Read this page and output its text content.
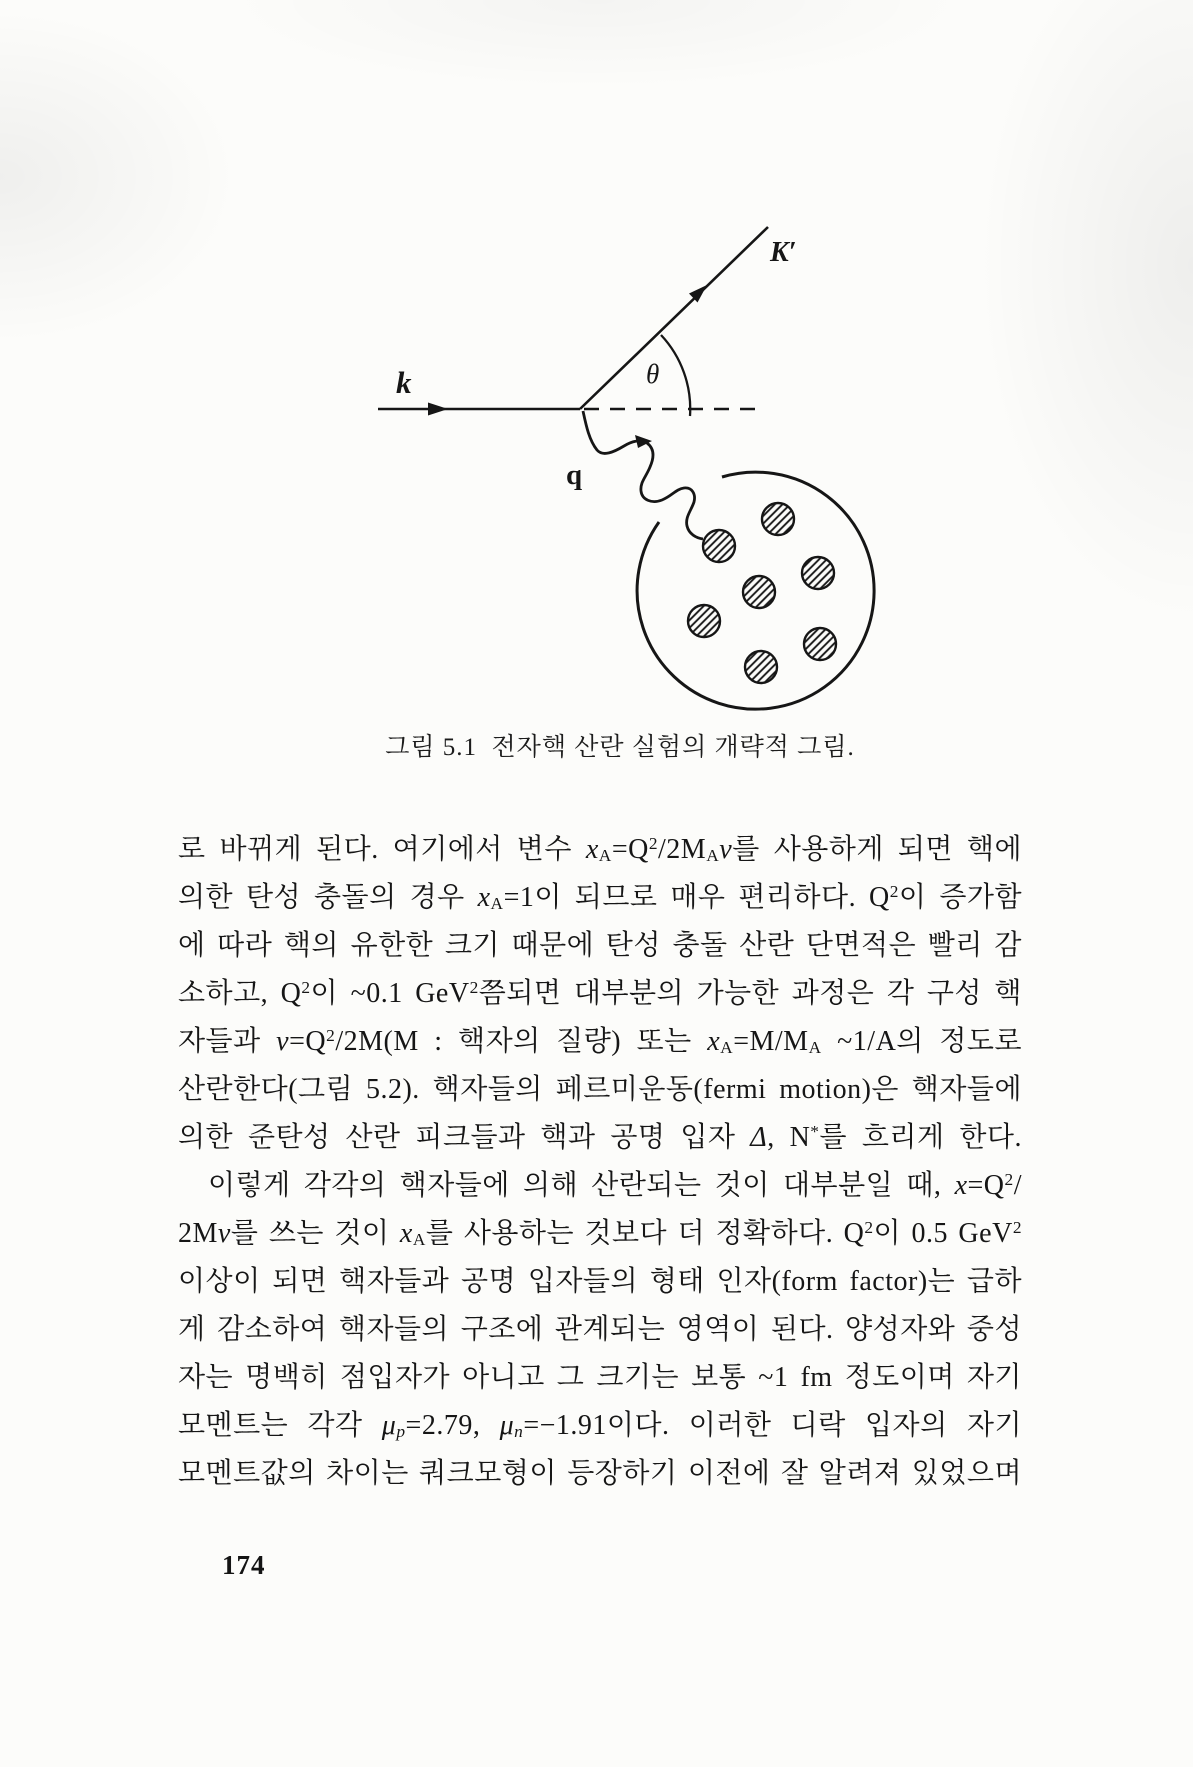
k
K′
θ
q
그림 5.1  전자핵 산란 실험의 개략적 그림.
로 바뀌게 된다. 여기에서 변수 $xA=Q^2/2MA\nu$를 사용하게 되면 핵에
의한 탄성 충돌의 경우 xA=1이 되므로 매우 편리하다. $Q^2$이 증가함
에 따라 핵의 유한한 크기 때문에 탄성 충돌 산란 단면적은 빨리 감
소하고, $Q^2$이 ~0.1 GeV$^2$쯤되면 대부분의 가능한 과정은 각 구성 핵
자들과 $\nu=Q^2/2M(M$ : 핵자의 질량) 또는 xA=M/MA ~1/A의 정도로
산란한다(그림 5.2). 핵자들의 페르미운동(fermi motion)은 핵자들에
의한 준탄성 산란 피크들과 핵과 공명 입자 Δ, N*를 흐리게 한다.
이렇게 각각의 핵자들에 의해 산란되는 것이 대부분일 때, $x=Q^2/$
2Mν를 쓰는 것이 xA를 사용하는 것보다 더 정확하다. $Q^2$이 0.5 GeV$^2$
이상이 되면 핵자들과 공명 입자들의 형태 인자(form factor)는 급하
게 감소하여 핵자들의 구조에 관계되는 영역이 된다. 양성자와 중성
자는 명백히 점입자가 아니고 그 크기는 보통 ~1 fm 정도이며 자기
모멘트는 각각 μp=2.79, μn=−1.91이다. 이러한 디락 입자의 자기
모멘트값의 차이는 쿼크모형이 등장하기 이전에 잘 알려져 있었으며
174
